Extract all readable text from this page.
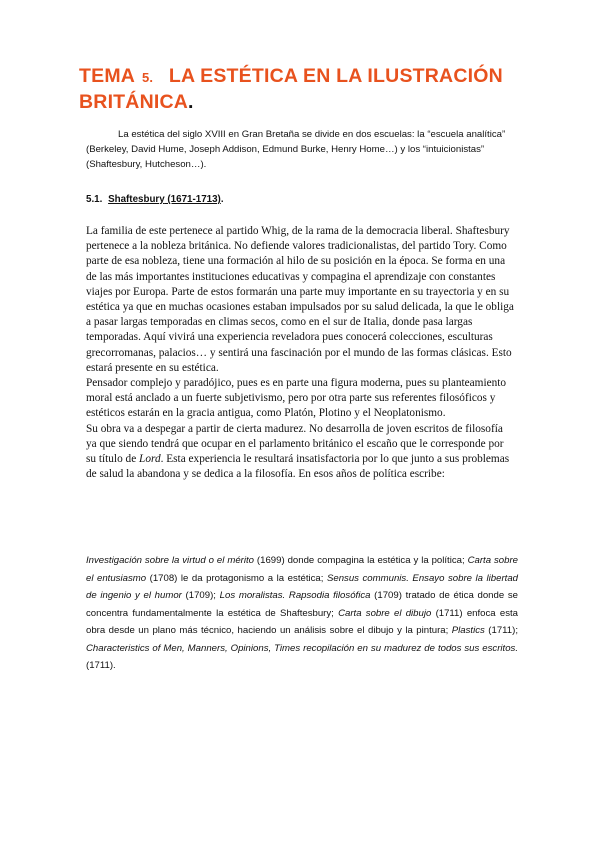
TEMA 5. LA ESTÉTICA EN LA ILUSTRACIÓN BRITÁNICA.

La estética del siglo XVIII en Gran Bretaña se divide en dos escuelas: la “escuela analítica” (Berkeley, David Hume, Joseph Addison, Edmund Burke, Henry Home…) y los “intuicionistas” (Shaftesbury, Hutcheson…).

5.1. Shaftesbury (1671-1713).

La familia de este pertenece al partido Whig, de la rama de la democracia liberal. Shaftesbury pertenece a la nobleza británica. No defiende valores tradicionalistas, del partido Tory. Como parte de esa nobleza, tiene una formación al hilo de su posición en la época. Se forma en una de las más importantes instituciones educativas y compagina el aprendizaje con constantes viajes por Europa. Parte de estos formarán una parte muy importante en su trayectoria y en su estética ya que en muchas ocasiones estaban impulsados por su salud delicada, la que le obliga a pasar largas temporadas en climas secos, como en el sur de Italia, donde pasa largas temporadas. Aquí vivirá una experiencia reveladora pues conocerá colecciones, esculturas grecorromanas, palacios… y sentirá una fascinación por el mundo de las formas clásicas. Esto estará presente en su estética.

Pensador complejo y paradójico, pues es en parte una figura moderna, pues su planteamiento moral está anclado a un fuerte subjetivismo, pero por otra parte sus referentes filosóficos y estéticos estarán en la gracia antigua, como Platón, Plotino y el Neoplatonismo.

Su obra va a despegar a partir de cierta madurez. No desarrolla de joven escritos de filosofía ya que siendo tendrá que ocupar en el parlamento británico el escaño que le corresponde por su título de Lord. Esta experiencia le resultará insatisfactoria por lo que junto a sus problemas de salud la abandona y se dedica a la filosofía. En esos años de política escribe:

Investigación sobre la virtud o el mérito (1699) donde compagina la estética y la política; Carta sobre el entusiasmo (1708) le da protagonismo a la estética; Sensus communis. Ensayo sobre la libertad de ingenio y el humor (1709); Los moralistas. Rapsodia filosófica (1709) tratado de ética donde se concentra fundamentalmente la estética de Shaftesbury; Carta sobre el dibujo (1711) enfoca esta obra desde un plano más técnico, haciendo un análisis sobre el dibujo y la pintura; Plastics (1711); Characteristics of Men, Manners, Opinions, Times recopilación en su madurez de todos sus escritos. (1711).
